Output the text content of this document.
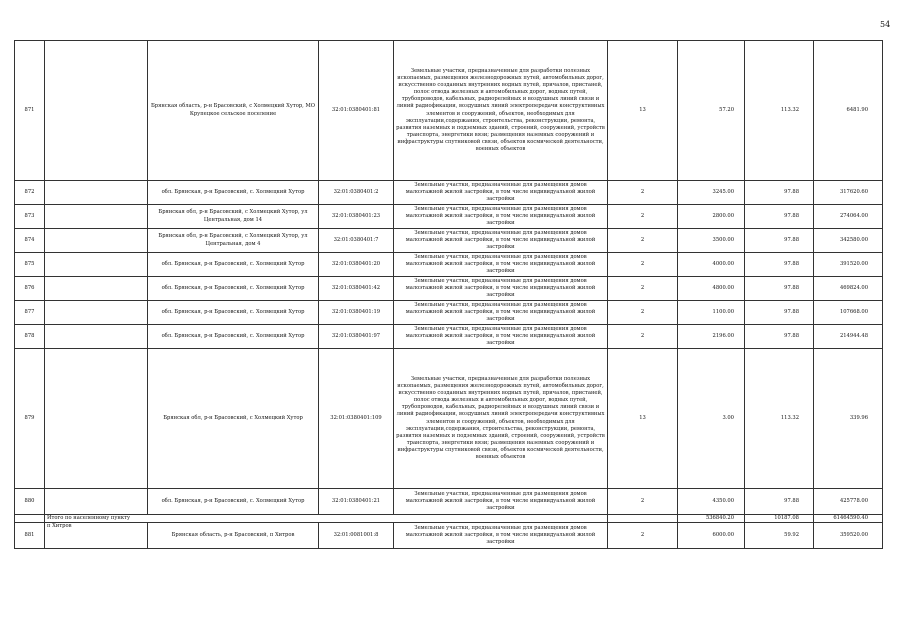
54
871		Брянская область, р-н Брасовский, с Холмецкий Хутор, МО Крупецкое сельское поселение	32:01:0380401:81	Земельные участки, предназначенные для разработки полезных ископаемых, размещения железнодорожных путей, автомобильных дорог, искусственно созданных внутренних водных путей, причалов, пристаней, полос отвода железных и автомобильных дорог, водных путей, трубопроводов, кабельных, радиорелейных и воздушных линий связи и линий радиофикации, воздушных линий электропередачи конструктивных элементов и сооружений, объектов, необходимых для эксплуатации,содержания, строительства, реконструкции, ремонта, развития наземных и подземных зданий, строений, сооружений, устройств транспорта, энергетики вязи; размещения наземных сооружений и инфраструктуры спутниковой связи, объектов космической деятельности, военных объектов	13	57.20	113.32	6481.90
872		обл. Брянская, р-н Брасовский, с. Холмецкий Хутор	32:01:0380401:2	Земельные участки, предназначенные для размещения домов малоэтажной жилой застройки, в том числе индивидуальной жилой застройки	2	3245.00	97.88	317620.60
873		Брянская обл, р-н Брасовский, с Холмецкий Хутор, ул Центральная, дом 14	32:01:0380401:23	Земельные участки, предназначенные для размещения домов малоэтажной жилой застройки, в том числе индивидуальной жилой застройки	2	2800.00	97.88	274064.00
874		Брянская обл, р-н Брасовский, с Холмецкий Хутор, ул Центральная, дом 4	32:01:0380401:7	Земельные участки, предназначенные для размещения домов малоэтажной жилой застройки, в том числе индивидуальной жилой застройки	2	3500.00	97.88	342580.00
875		обл. Брянская, р-н Брасовский, с. Холмецкий Хутор	32:01:0380401:20	Земельные участки, предназначенные для размещения домов малоэтажной жилой застройки, в том числе индивидуальной жилой застройки	2	4000.00	97.88	391520.00
876		обл. Брянская, р-н Брасовский, с. Холмецкий Хутор	32:01:0380401:42	Земельные участки, предназначенные для размещения домов малоэтажной жилой застройки, в том числе индивидуальной жилой застройки	2	4800.00	97.88	469824.00
877		обл. Брянская, р-н Брасовский, с. Холмецкий Хутор	32:01:0380401:19	Земельные участки, предназначенные для размещения домов малоэтажной жилой застройки, в том числе индивидуальной жилой застройки	2	1100.00	97.88	107668.00
878		обл. Брянская, р-н Брасовский, с. Холмецкий Хутор	32:01:0380401:97	Земельные участки, предназначенные для размещения домов малоэтажной жилой застройки, в том числе индивидуальной жилой застройки	2	2196.00	97.88	214944.48
879		Брянская обл, р-н Брасовский, с Холмецкий Хутор	32:01:0380401:109	Земельные участки, предназначенные для разработки полезных ископаемых, размещения железнодорожных путей, автомобильных дорог, искусственно созданных внутренних водных путей, причалов, пристаней, полос отвода железных и автомобильных дорог, водных путей, трубопроводов, кабельных, радиорелейных и воздушных линий связи и линий радиофикации, воздушных линий электропередачи конструктивных элементов и сооружений, объектов, необходимых для эксплуатации,содержания, строительства, реконструкции, ремонта, развития наземных и подземных зданий, строений, сооружений, устройств транспорта, энергетики вязи; размещения наземных сооружений и инфраструктуры спутниковой связи, объектов космической деятельности, военных объектов	13	3.00	113.32	339.96
880		обл. Брянская, р-н Брасовский, с. Холмецкий Хутор	32:01:0380401:21	Земельные участки, предназначенные для размещения домов малоэтажной жилой застройки, в том числе индивидуальной жилой застройки	2	4350.00	97.88	425778.00
	Итого по населенному пункту					536840.20	10187.08	61464590.40
881	п Хитров	Брянская область, р-н Брасовский, п Хитров	32:01:0081001:8	Земельные участки, предназначенные для размещения домов малоэтажной жилой застройки, в том числе индивидуальной жилой застройки	2	6000.00	59.92	359520.00
